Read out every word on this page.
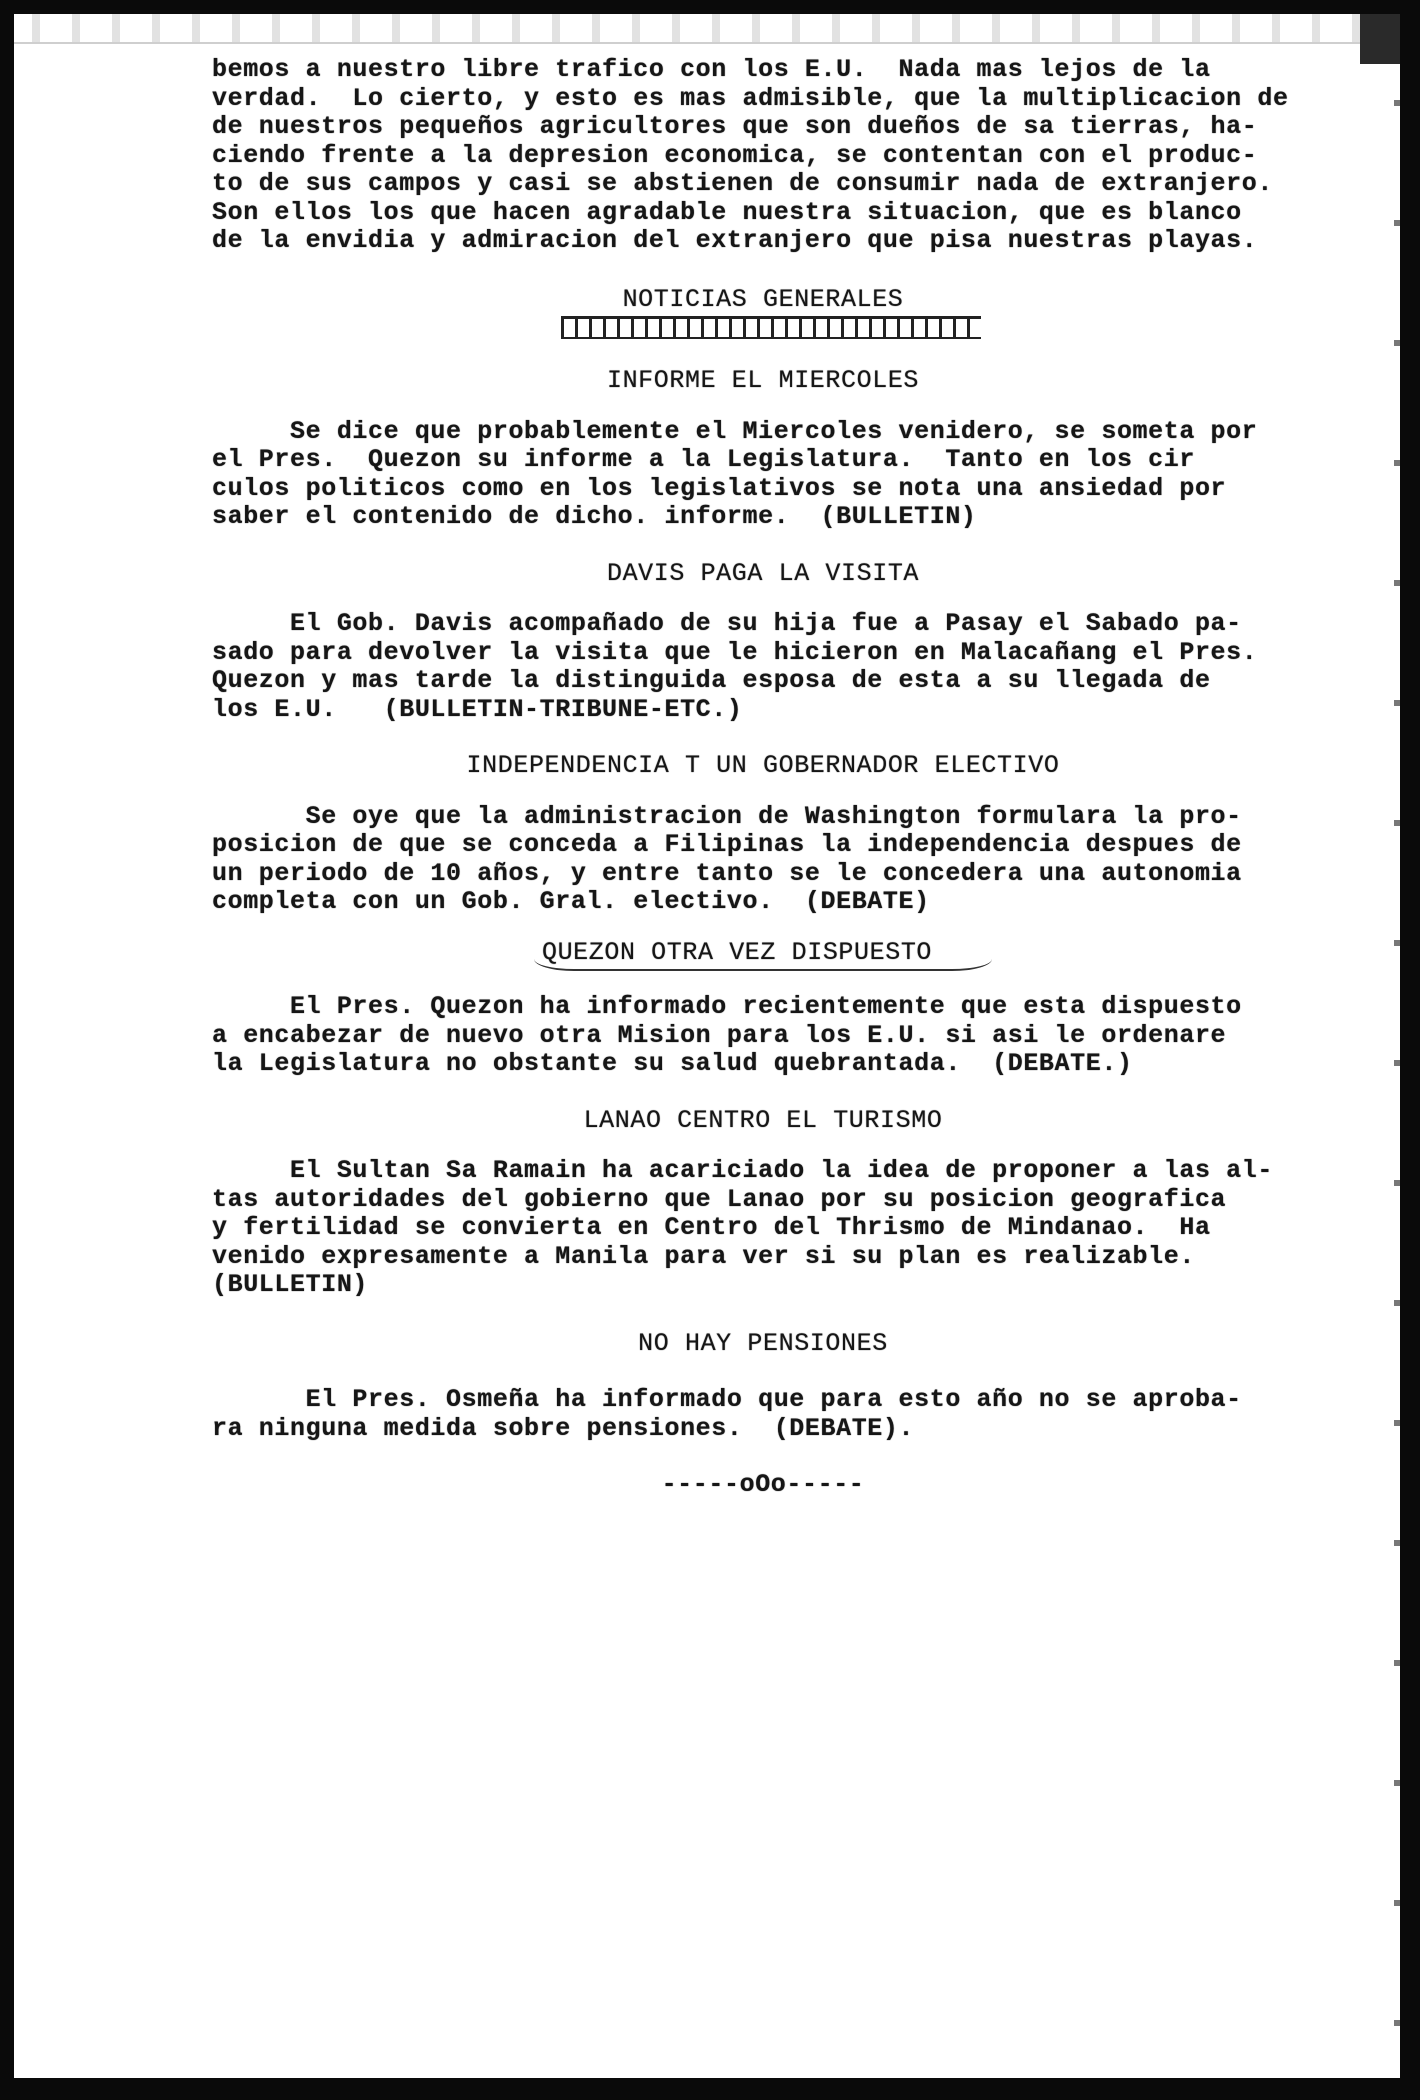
bemos a nuestro libre trafico con los E.U.  Nada mas lejos de la

verdad.  Lo cierto, y esto es mas admisible, que la multiplicacion de

de nuestros pequeños agricultores que son dueños de sa tierras, ha-

ciendo frente a la depresion economica, se contentan con el produc-

to de sus campos y casi se abstienen de consumir nada de extranjero.

Son ellos los que hacen agradable nuestra situacion, que es blanco

de la envidia y admiracion del extranjero que pisa nuestras playas.

NOTICIAS GENERALES

INFORME EL MIERCOLES

Se dice que probablemente el Miercoles venidero, se someta por

el Pres.  Quezon su informe a la Legislatura.  Tanto en los cir

culos politicos como en los legislativos se nota una ansiedad por

saber el contenido de dicho. informe.  (BULLETIN)

DAVIS PAGA LA VISITA

El Gob. Davis acompañado de su hija fue a Pasay el Sabado pa-

sado para devolver la visita que le hicieron en Malacañang el Pres.

Quezon y mas tarde la distinguida esposa de esta a su llegada de

los E.U.   (BULLETIN-TRIBUNE-ETC.)

INDEPENDENCIA T UN GOBERNADOR ELECTIVO

Se oye que la administracion de Washington formulara la pro-

posicion de que se conceda a Filipinas la independencia despues de

un periodo de 10 años, y entre tanto se le concedera una autonomia

completa con un Gob. Gral. electivo.  (DEBATE)

QUEZON OTRA VEZ DISPUESTO

El Pres. Quezon ha informado recientemente que esta dispuesto

a encabezar de nuevo otra Mision para los E.U. si asi le ordenare

la Legislatura no obstante su salud quebrantada.  (DEBATE.)

LANAO CENTRO EL TURISMO

El Sultan Sa Ramain ha acariciado la idea de proponer a las al-

tas autoridades del gobierno que Lanao por su posicion geografica

y fertilidad se convierta en Centro del Thrismo de Mindanao.  Ha

venido expresamente a Manila para ver si su plan es realizable.

(BULLETIN)

NO HAY PENSIONES

El Pres. Osmeña ha informado que para esto año no se aproba-

ra ninguna medida sobre pensiones.  (DEBATE).

-----oOo-----
